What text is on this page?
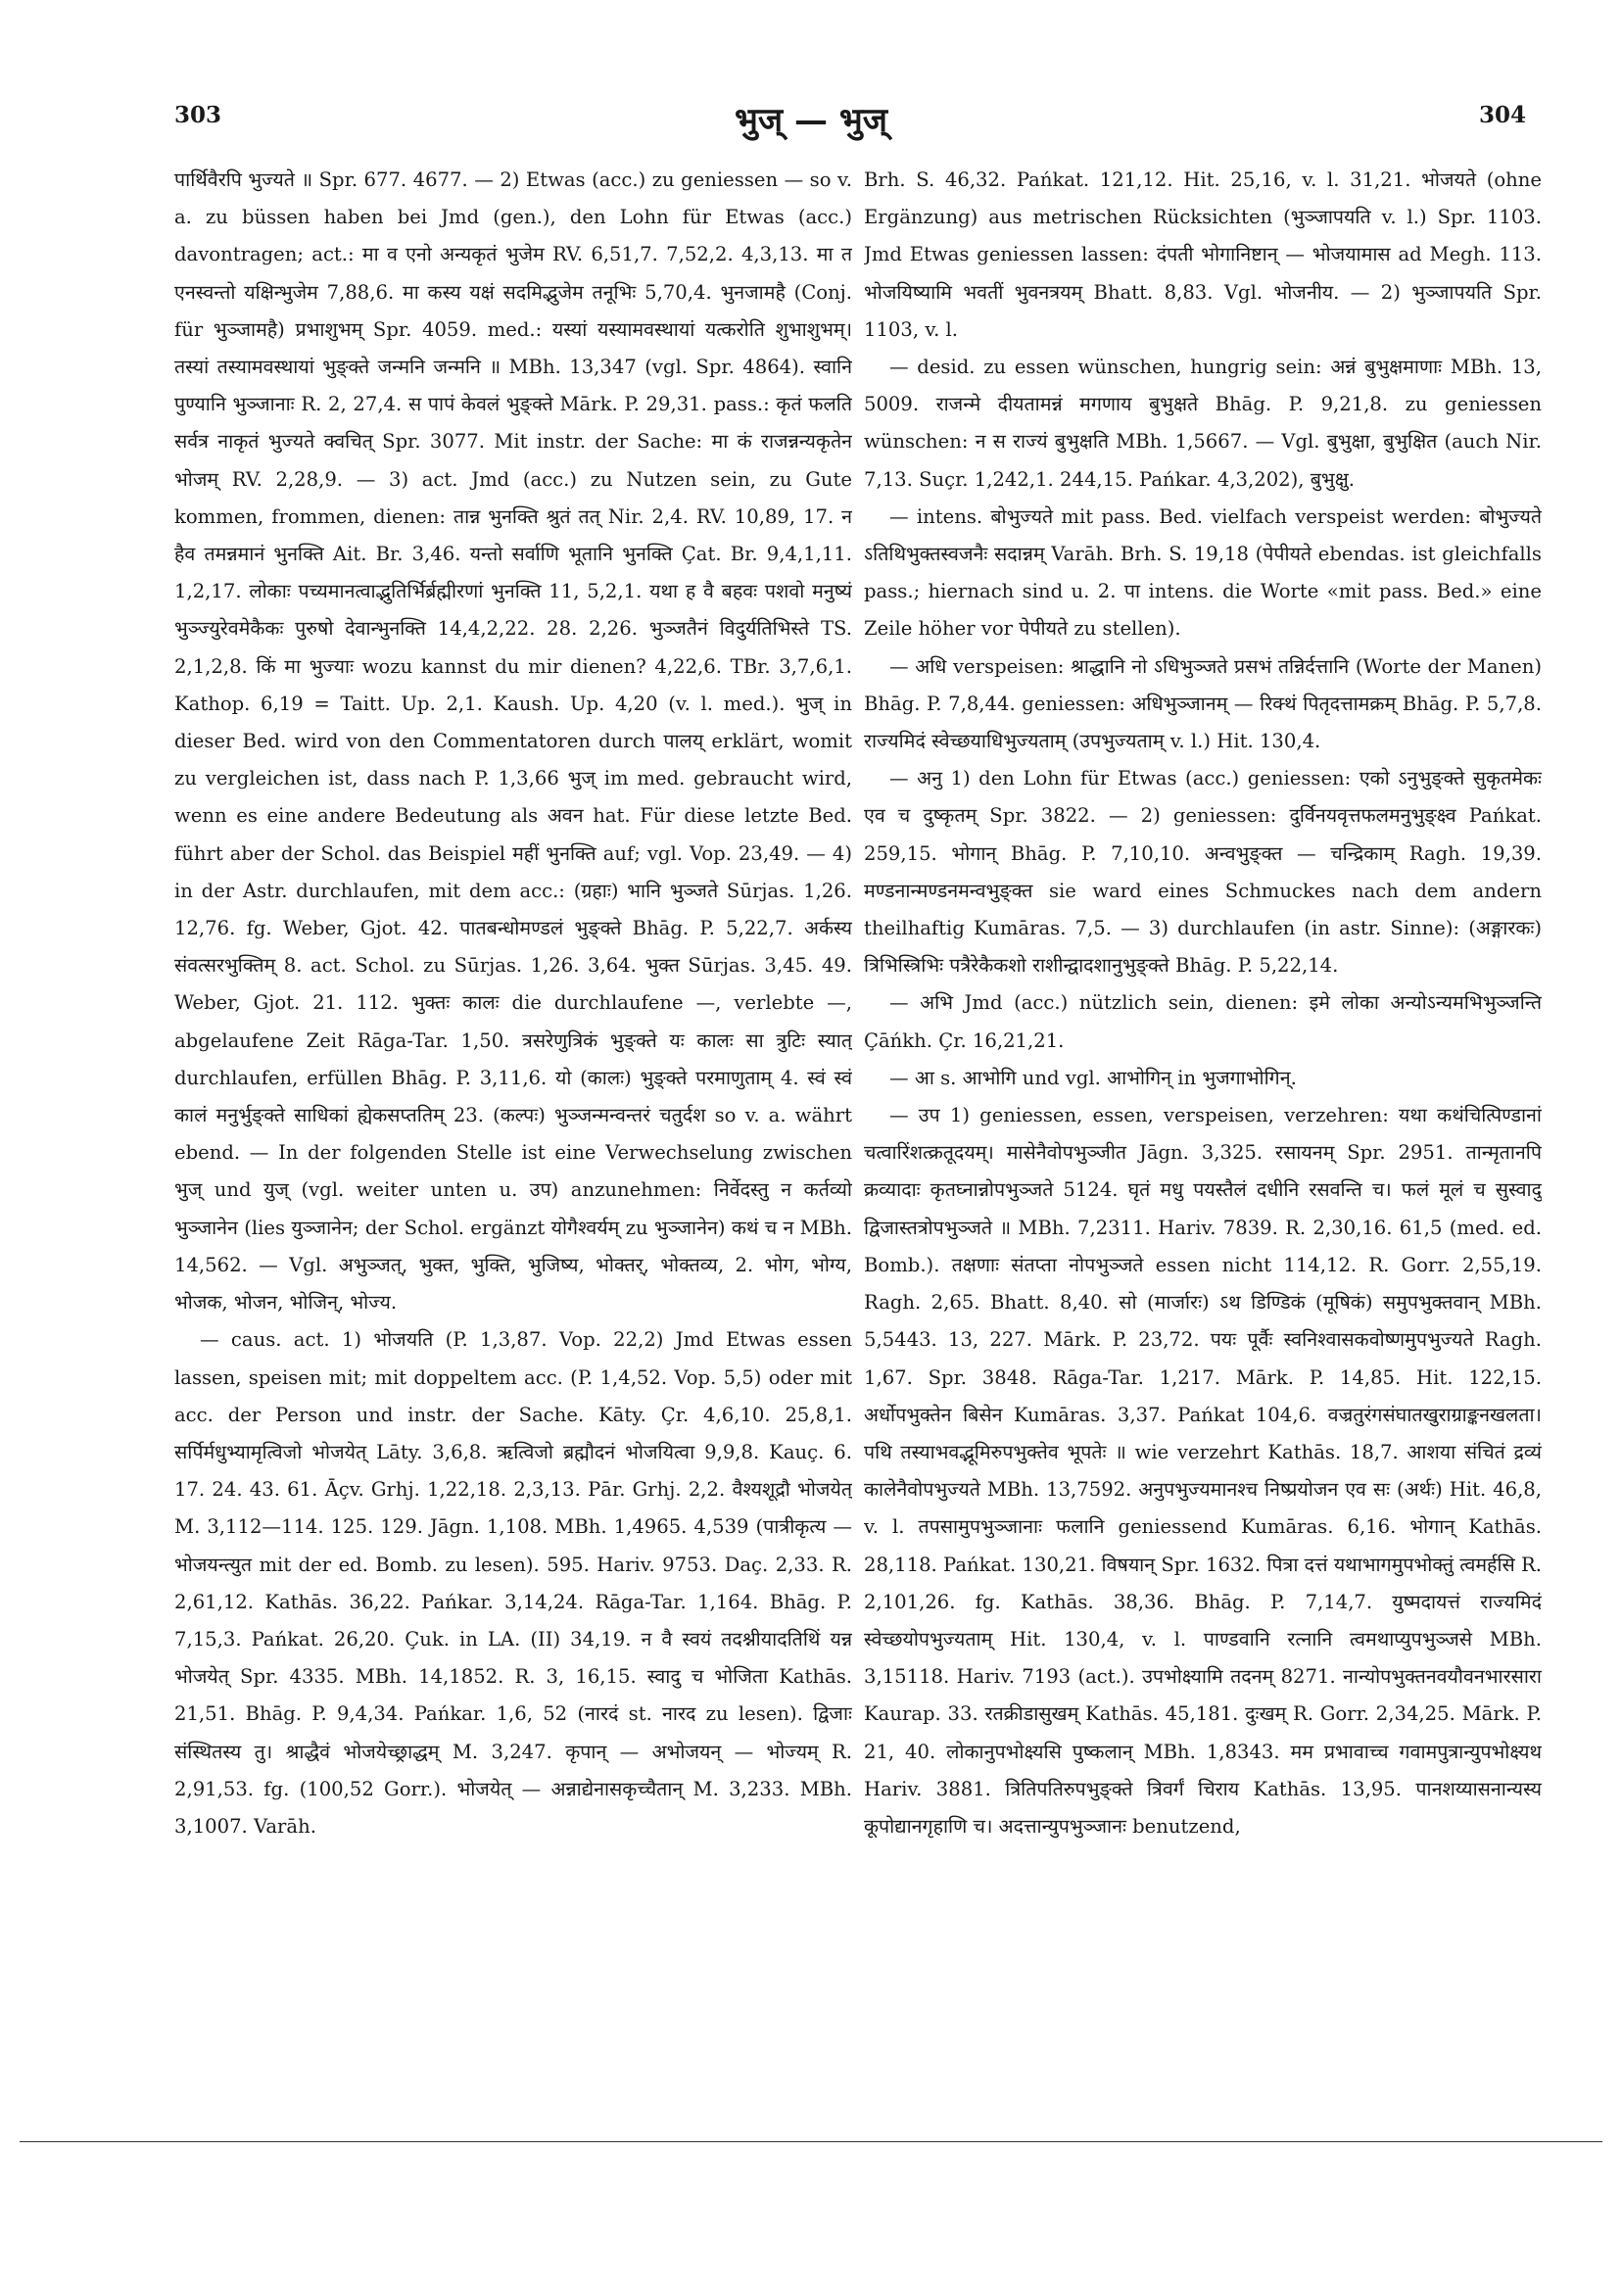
303	भुज् — भुज्	304

पार्थिवैरपि भुज्यते ॥ Spr. 677. 4677. — 2) Etwas (acc.) zu geniessen — so v. a. zu büssen haben bei Jmd (gen.), den Lohn für Etwas (acc.) davontragen; act.: मा व एनो अन्यकृतं भुजेम RV. 6,51,7. 7,52,2. 4,3,13. मा त एनस्वन्तो यक्षिन्भुजेम 7,88,6. मा कस्य यक्षं सदमिद्भुजेम तनूभिः 5,70,4. भुनजामहै (Conj. für भुञ्जामहै) प्रभाशुभम् Spr. 4059. med.: यस्यां यस्यामवस्थायां यत्करोति शुभाशुभम्। तस्यां तस्यामवस्थायां भुङ्क्ते जन्मनि जन्मनि ॥ MBh. 13,347 (vgl. Spr. 4864). स्वानि पुण्यानि भुञ्जानाः R. 2, 27,4. स पापं केवलं भुङ्क्ते Mārk. P. 29,31. pass.: कृतं फलति सर्वत्र नाकृतं भुज्यते क्वचित् Spr. 3077. Mit instr. der Sache: मा कं राजन्नन्यकृतेन भोजम् RV. 2,28,9. — 3) act. Jmd (acc.) zu Nutzen sein, zu Gute kommen, frommen, dienen: तान्न भुनक्ति श्रुतं तत् Nir. 2,4. RV. 10,89, 17. न हैव तमन्नमानं भुनक्ति Ait. Br. 3,46. यन्तो सर्वाणि भूतानि भुनक्ति Çat. Br. 9,4,1,11. 1,2,17. लोकाः पच्यमानत्वाद्भुतिर्भिर्ब्रह्मीरणां भुनक्ति 11, 5,2,1. यथा ह वै बहवः पशवो मनुष्यं भुञ्ज्युरेवमेकैकः पुरुषो देवान्भुनक्ति 14,4,2,22. 28. 2,26. भुञ्जतैनं विदुर्यतिभिस्ते TS. 2,1,2,8. किं मा भुज्याः wozu kannst du mir dienen? 4,22,6. TBr. 3,7,6,1. Kathop. 6,19 = Taitt. Up. 2,1. Kaush. Up. 4,20 (v. l. med.). भुज् in dieser Bed. wird von den Commentatoren durch पालय् erklärt, womit zu vergleichen ist, dass nach P. 1,3,66 भुज् im med. gebraucht wird, wenn es eine andere Bedeutung als अवन hat. Für diese letzte Bed. führt aber der Schol. das Beispiel महीं भुनक्ति auf; vgl. Vop. 23,49. — 4) in der Astr. durchlaufen, mit dem acc.: (ग्रहाः) भानि भुञ्जते Sūrjas. 1,26. 12,76. fg. Weber, Gjot. 42. पातबन्धोमण्डलं भुङ्क्ते Bhāg. P. 5,22,7. अर्कस्य संवत्सरभुक्तिम् 8. act. Schol. zu Sūrjas. 1,26. 3,64. भुक्त Sūrjas. 3,45. 49. Weber, Gjot. 21. 112. भुक्तः कालः die durchlaufene —, verlebte —, abgelaufene Zeit Rāga-Tar. 1,50. त्रसरेणुत्रिकं भुङ्क्ते यः कालः सा त्रुटिः स्यात् durchlaufen, erfüllen Bhāg. P. 3,11,6. यो (कालः) भुङ्क्ते परमाणुताम् 4. स्वं स्वं कालं मनुर्भुङ्क्ते साधिकां ह्येकसप्ततिम् 23. (कल्पः) भुञ्जन्मन्वन्तरं चतुर्दश so v. a. währt ebend. — In der folgenden Stelle ist eine Verwechselung zwischen भुज् und युज् (vgl. weiter unten u. उप) anzunehmen: निर्वेदस्तु न कर्तव्यो भुञ्जानेन (lies युञ्जानेन; der Schol. ergänzt योगैश्वर्यम् zu भुञ्जानेन) कथं च न MBh. 14,562. — Vgl. अभुञ्जत्, भुक्त, भुक्ति, भुजिष्य, भोक्तर्, भोक्तव्य, 2. भोग, भोग्य, भोजक, भोजन, भोजिन्, भोज्य.

— caus. act. 1) भोजयति (P. 1,3,87. Vop. 22,2) Jmd Etwas essen lassen, speisen mit; mit doppeltem acc. (P. 1,4,52. Vop. 5,5) oder mit acc. der Person und instr. der Sache. Kāty. Çr. 4,6,10. 25,8,1. सर्पिर्मधुभ्यामृत्विजो भोजयेत् Lāty. 3,6,8. ऋत्विजो ब्रह्मौदनं भोजयित्वा 9,9,8. Kauç. 6. 17. 24. 43. 61. Āçv. Grhj. 1,22,18. 2,3,13. Pār. Grhj. 2,2. वैश्यशूद्रौ भोजयेत् M. 3,112—114. 125. 129. Jāgn. 1,108. MBh. 1,4965. 4,539 (पात्रीकृत्य — भोजयन्त्युत mit der ed. Bomb. zu lesen). 595. Hariv. 9753. Daç. 2,33. R. 2,61,12. Kathās. 36,22. Pańkar. 3,14,24. Rāga-Tar. 1,164. Bhāg. P. 7,15,3. Pańkat. 26,20. Çuk. in LA. (II) 34,19. न वै स्वयं तदश्नीयादतिथिं यन्न भोजयेत् Spr. 4335. MBh. 14,1852. R. 3, 16,15. स्वादु च भोजिता Kathās. 21,51. Bhāg. P. 9,4,34. Pańkar. 1,6, 52 (नारदं st. नारद zu lesen). द्विजाः संस्थितस्य तु। श्राद्धैवं भोजयेच्छ्राद्धम् M. 3,247. कृपान् — अभोजयन् — भोज्यम् R. 2,91,53. fg. (100,52 Gorr.). भोजयेत् — अन्नाद्येनासकृच्चैतान् M. 3,233. MBh. 3,1007. Varāh.

Brh. S. 46,32. Pańkat. 121,12. Hit. 25,16, v. l. 31,21. भोजयते (ohne Ergänzung) aus metrischen Rücksichten (भुञ्जापयति v. l.) Spr. 1103. Jmd Etwas geniessen lassen: दंपती भोगानिष्टान् — भोजयामास ad Megh. 113. भोजयिष्यामि भवतीं भुवनत्रयम् Bhatt. 8,83. Vgl. भोजनीय. — 2) भुञ्जापयति Spr. 1103, v. l.

— desid. zu essen wünschen, hungrig sein: अन्नं बुभुक्षमाणाः MBh. 13, 5009. राजन्मे दीयतामन्नं मगणाय बुभुक्षते Bhāg. P. 9,21,8. zu geniessen wünschen: न स राज्यं बुभुक्षति MBh. 1,5667. — Vgl. बुभुक्षा, बुभुक्षित (auch Nir. 7,13. Suçr. 1,242,1. 244,15. Pańkar. 4,3,202), बुभुक्षु.

— intens. बोभुज्यते mit pass. Bed. vielfach verspeist werden: बोभुज्यते ऽतिथिभुक्तस्वजनैः सदान्नम् Varāh. Brh. S. 19,18 (पेपीयते ebendas. ist gleichfalls pass.; hiernach sind u. 2. पा intens. die Worte «mit pass. Bed.» eine Zeile höher vor पेपीयते zu stellen).

— अधि verspeisen: श्राद्धानि नो ऽधिभुञ्जते प्रसभं तन्निर्दत्तानि (Worte der Manen) Bhāg. P. 7,8,44. geniessen: अधिभुञ्जानम् — रिक्थं पितृदत्तामक्रम् Bhāg. P. 5,7,8. राज्यमिदं स्वेच्छयाधिभुज्यताम् (उपभुज्यताम् v. l.) Hit. 130,4.

— अनु 1) den Lohn für Etwas (acc.) geniessen: एको ऽनुभुङ्क्ते सुकृतमेकः एव च दुष्कृतम् Spr. 3822. — 2) geniessen: दुर्विनयवृत्तफलमनुभुङ्क्ष्व Pańkat. 259,15. भोगान् Bhāg. P. 7,10,10. अन्वभुङ्क्त — चन्द्रिकाम् Ragh. 19,39. मण्डनान्मण्डनमन्वभुङ्क्त sie ward eines Schmuckes nach dem andern theilhaftig Kumāras. 7,5. — 3) durchlaufen (in astr. Sinne): (अङ्गारकः) त्रिभिस्त्रिभिः पत्रैरेकैकशो राशीन्द्वादशानुभुङ्क्ते Bhāg. P. 5,22,14.

— अभि Jmd (acc.) nützlich sein, dienen: इमे लोका अन्योऽन्यमभिभुञ्जन्ति Çāńkh. Çr. 16,21,21.

— आ s. आभोगि und vgl. आभोगिन् in भुजगाभोगिन्.

— उप 1) geniessen, essen, verspeisen, verzehren: यथा कथंचित्पिण्डानां चत्वारिंशत्क्रतूदयम्। मासेनैवोपभुञ्जीत Jāgn. 3,325. रसायनम् Spr. 2951. तान्मृतानपि क्रव्यादाः कृतघ्नान्नोपभुञ्जते 5124. घृतं मधु पयस्तैलं दधीनि रसवन्ति च। फलं मूलं च सुस्वादु द्विजास्तत्रोपभुञ्जते ॥ MBh. 7,2311. Hariv. 7839. R. 2,30,16. 61,5 (med. ed. Bomb.). तक्षणाः संतप्ता नोपभुञ्जते essen nicht 114,12. R. Gorr. 2,55,19. Ragh. 2,65. Bhatt. 8,40. सो (मार्जारः) ऽथ डिण्डिकं (मूषिकं) समुपभुक्तवान् MBh. 5,5443. 13, 227. Mārk. P. 23,72. पयः पूर्वैः स्वनिश्वासकवोष्णमुपभुज्यते Ragh. 1,67. Spr. 3848. Rāga-Tar. 1,217. Mārk. P. 14,85. Hit. 122,15. अर्धोपभुक्तेन बिसेन Kumāras. 3,37. Pańkat 104,6. वज्रतुरंगसंघातखुराग्राङ्कनखलता। पथि तस्याभवद्भूमिरुपभुक्तेव भूपतेः ॥ wie verzehrt Kathās. 18,7. आशया संचितं द्रव्यं कालेनैवोपभुज्यते MBh. 13,7592. अनुपभुज्यमानश्च निष्प्रयोजन एव सः (अर्थः) Hit. 46,8, v. l. तपसामुपभुञ्जानाः फलानि geniessend Kumāras. 6,16. भोगान् Kathās. 28,118. Pańkat. 130,21. विषयान् Spr. 1632. पित्रा दत्तं यथाभागमुपभोक्तुं त्वमर्हसि R. 2,101,26. fg. Kathās. 38,36. Bhāg. P. 7,14,7. युष्मदायत्तं राज्यमिदं स्वेच्छयोपभुज्यताम् Hit. 130,4, v. l. पाण्डवानि रत्नानि त्वमथाप्युपभुञ्जसे MBh. 3,15118. Hariv. 7193 (act.). उपभोक्ष्यामि तदनम् 8271. नान्योपभुक्तनवयौवनभारसारा Kaurap. 33. रतक्रीडासुखम् Kathās. 45,181. दुःखम् R. Gorr. 2,34,25. Mārk. P. 21, 40. लोकानुपभोक्ष्यसि पुष्कलान् MBh. 1,8343. मम प्रभावाच्च गवामपुत्रान्युपभोक्ष्यथ Hariv. 3881. त्रितिपतिरुपभुङ्क्ते त्रिवर्गं चिराय Kathās. 13,95. पानशय्यासनान्यस्य कूपोद्यानगृहाणि च। अदत्तान्युपभुञ्जानः benutzend,
